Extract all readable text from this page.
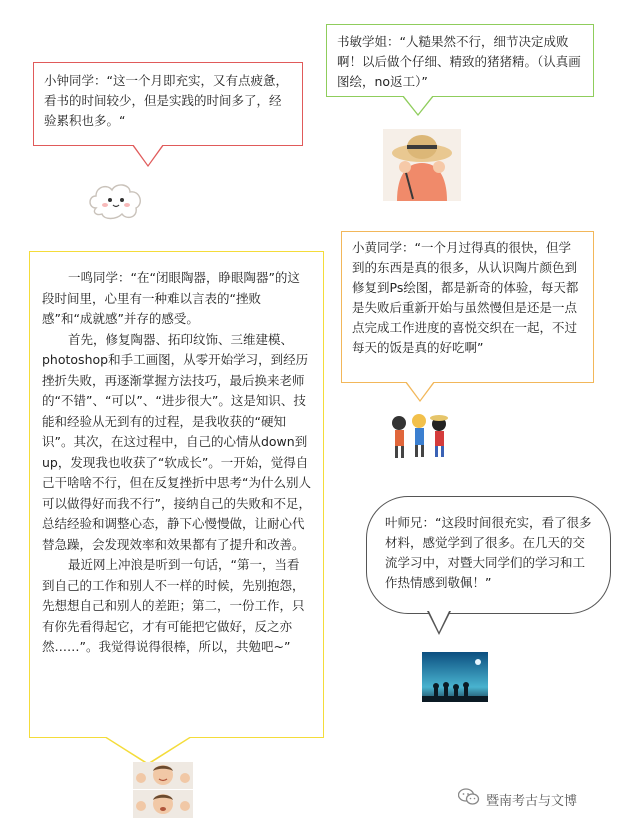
小钟同学：“这一个月即充实，又有点疲惫，看书的时间较少，但是实践的时间多了，经验累积也多。“

书敏学姐：“人糙果然不行，细节决定成败啊！以后做个仔细、精致的猪猪精。（认真画图绘，no返工）”

一鸣同学：“在“闭眼陶器，睁眼陶器”的这段时间里，心里有一种难以言表的“挫败感”和“成就感”并存的感受。

首先，修复陶器、拓印纹饰、三维建模、photoshop和手工画图，从零开始学习，到经历挫折失败，再逐渐掌握方法技巧，最后换来老师的“不错”、“可以”、“进步很大”。这是知识、技能和经验从无到有的过程，是我收获的“硬知识”。其次，在这过程中，自己的心情从down到up，发现我也收获了“软成长”。一开始，觉得自己干啥啥不行，但在反复挫折中思考“为什么别人可以做得好而我不行”，接纳自己的失败和不足，总结经验和调整心态，静下心慢慢做，让耐心代替急躁，会发现效率和效果都有了提升和改善。

最近网上冲浪是听到一句话，“第一，当看到自己的工作和别人不一样的时候，先别抱怨，先想想自己和别人的差距；第二，一份工作，只有你先看得起它，才有可能把它做好，反之亦然……”。我觉得说得很棒，所以，共勉吧~”

小黄同学：“一个月过得真的很快，但学到的东西是真的很多，从认识陶片颜色到修复到Ps绘图，都是新奇的体验，每天都是失败后重新开始与虽然慢但是还是一点点完成工作进度的喜悦交织在一起，不过每天的饭是真的好吃啊”

叶师兄：“这段时间很充实，看了很多材料，感觉学到了很多。在几天的交流学习中，对暨大同学们的学习和工作热情感到敬佩！”

暨南考古与文博
